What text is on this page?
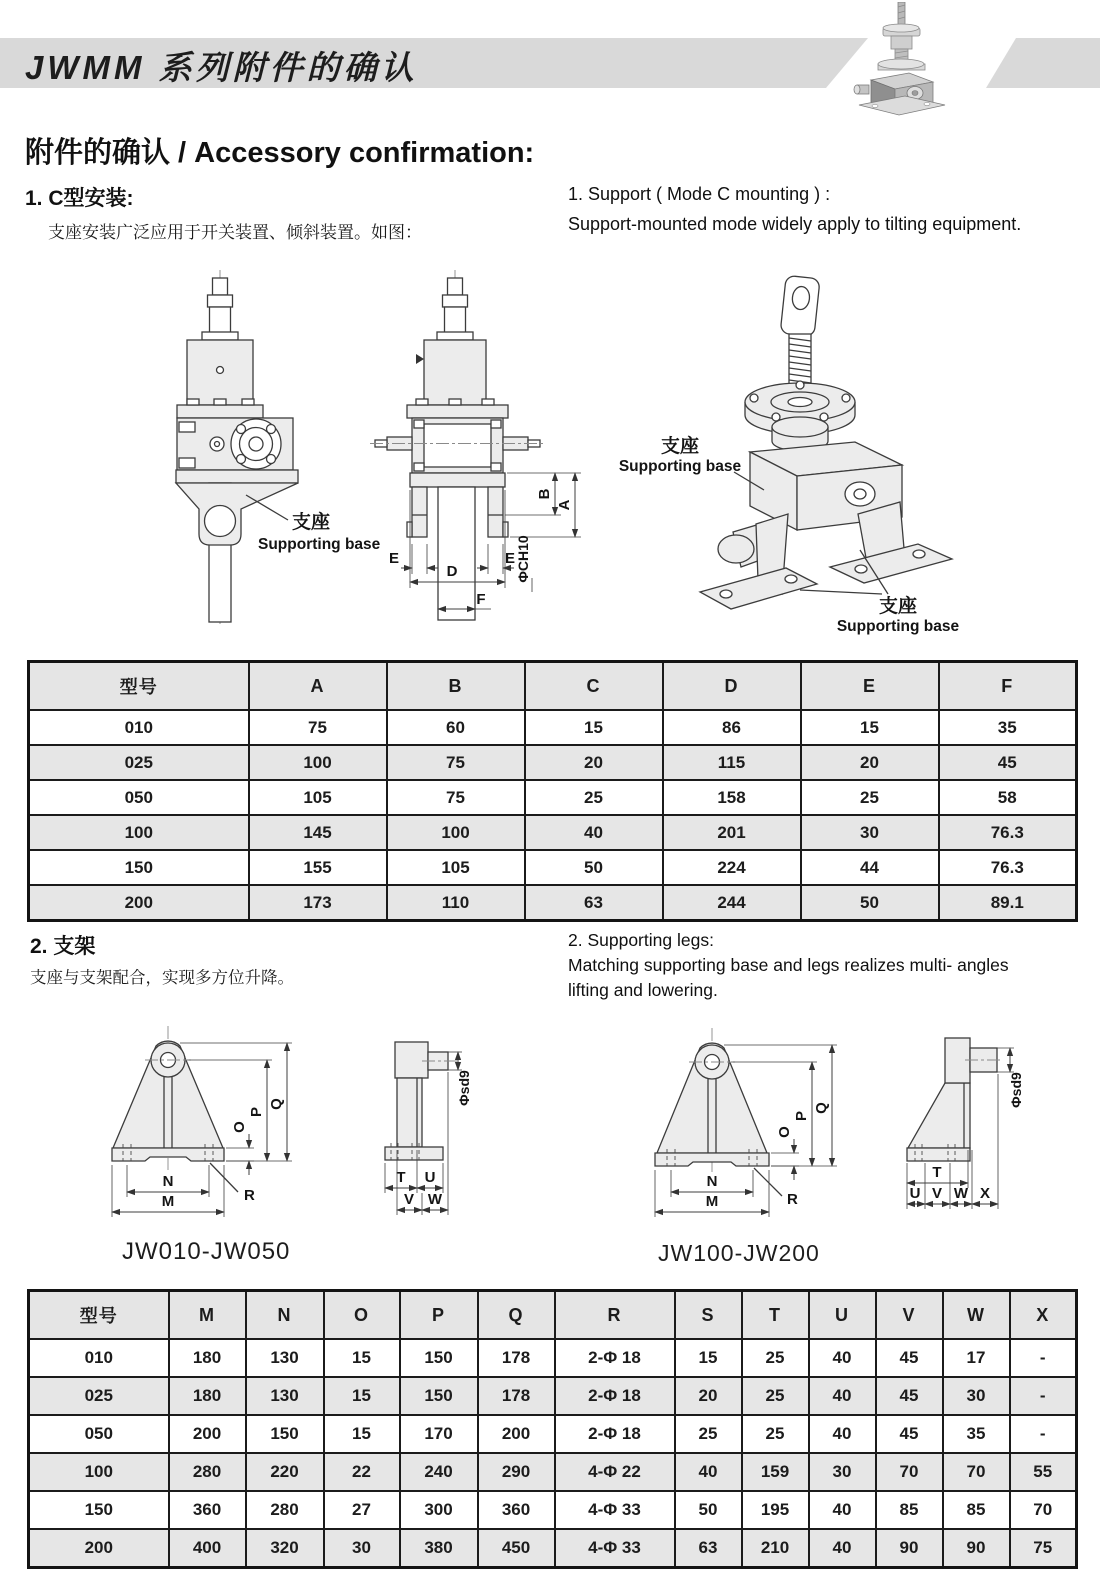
JWMM 系列附件的确认
附件的确认 / Accessory confirmation:
1. C型安装:
支座安装广泛应用于开关装置、倾斜装置。如图：
1. Support ( Mode C mounting ) :
Support-mounted mode widely apply to tilting equipment.
支座
Supporting base
B
A
ΦCH10
E	E
D
F
支座
Supporting base
支座
Supporting base
型号	A	B	C	D	E	F
010	75	60	15	86	15	35
025	100	75	20	115	20	45
050	105	75	25	158	25	58
100	145	100	40	201	30	76.3
150	155	105	50	224	44	76.3
200	173	110	63	244	50	89.1
2. 支架
支座与支架配合，实现多方位升降。
2. Supporting legs:
Matching supporting base and legs realizes multi- angles
lifting and lowering.
O
P
Q
N
M	R
Φsd9
T U
V W
O
P
Q
N
M	R
Φsd9
T
U V W X
JW010-JW050	JW100-JW200
型号	M	N	O	P	Q	R	S	T	U	V	W	X
010	180	130	15	150	178	2-Φ 18	15	25	40	45	17	-
025	180	130	15	150	178	2-Φ 18	20	25	40	45	30	-
050	200	150	15	170	200	2-Φ 18	25	25	40	45	35	-
100	280	220	22	240	290	4-Φ 22	40	159	30	70	70	55
150	360	280	27	300	360	4-Φ 33	50	195	40	85	85	70
200	400	320	30	380	450	4-Φ 33	63	210	40	90	90	75
